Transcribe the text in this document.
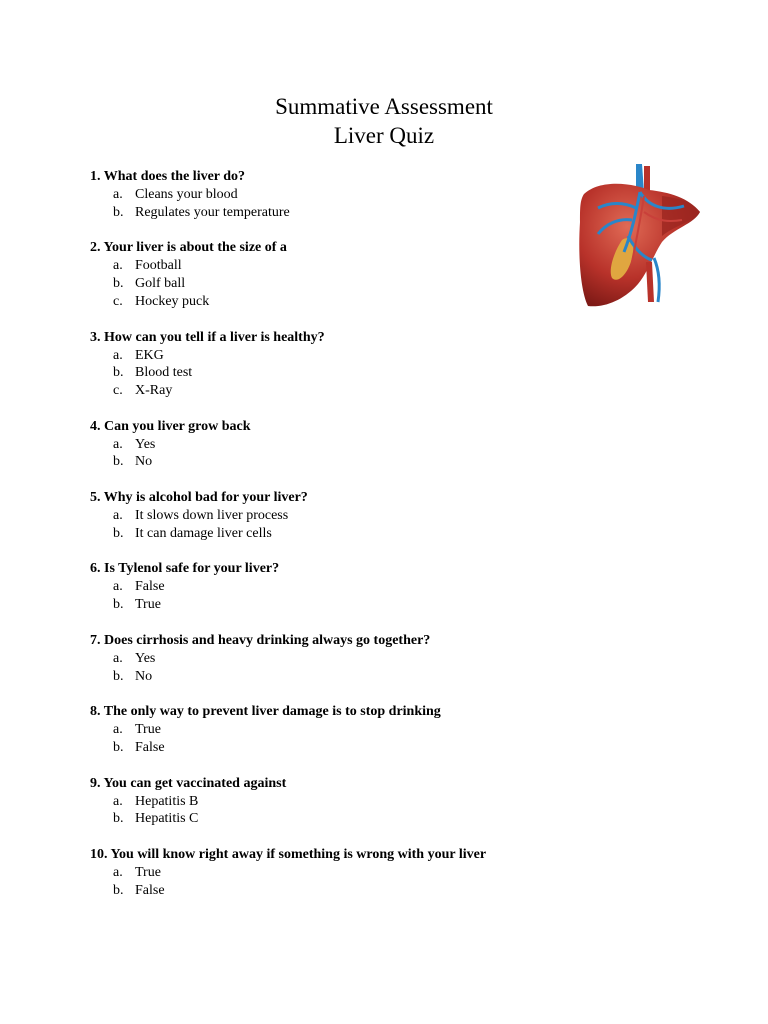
Summative Assessment
Liver Quiz
1. What does the liver do?
a. Cleans your blood
b. Regulates your temperature
2. Your liver is about the size of a
a. Football
b. Golf ball
c. Hockey puck
3. How can you tell if a liver is healthy?
a. EKG
b. Blood test
c. X-Ray
4. Can you liver grow back
a. Yes
b. No
5. Why is alcohol bad for your liver?
a. It slows down liver process
b. It can damage liver cells
6. Is Tylenol safe for your liver?
a. False
b. True
7. Does cirrhosis and heavy drinking always go together?
a. Yes
b. No
8. The only way to prevent liver damage is to stop drinking
a. True
b. False
9. You can get vaccinated against
a. Hepatitis B
b. Hepatitis C
10. You will know right away if something is wrong with your liver
a. True
b. False
